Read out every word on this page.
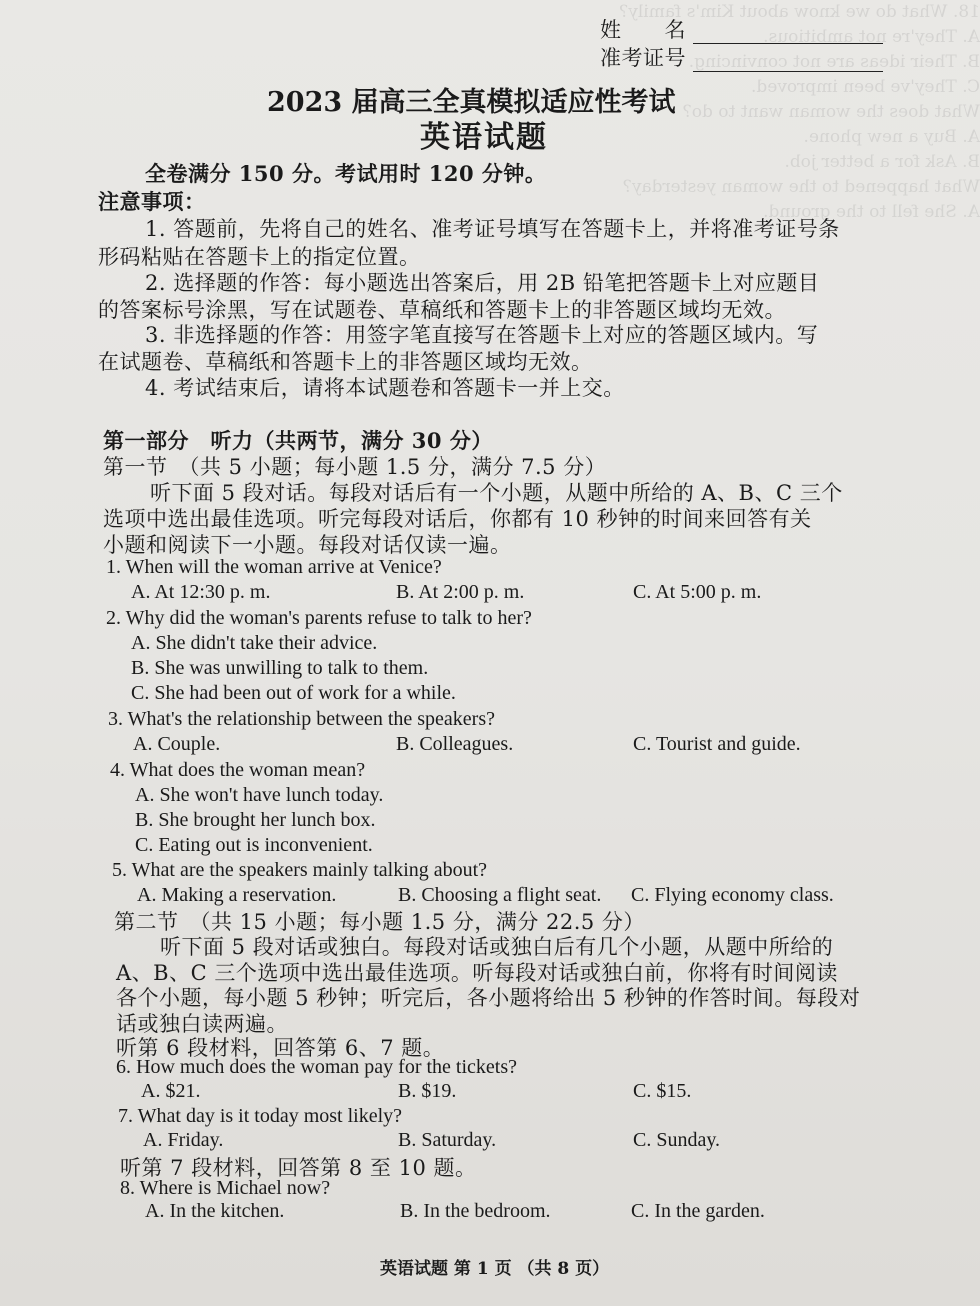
18. What do we know about Kim's family?
A. They're not ambitious.
B. Their ideas are not convincing.
C. They've been improved.
What does the woman want to do?
A. Buy a new phone.
B. Ask for a better job.
What happened to the woman yesterday?
A. She fell to the ground.
姓　　名
准考证号
2023 届高三全真模拟适应性考试
英语试题
全卷满分 150 分。考试用时 120 分钟。
注意事项：
1. 答题前，先将自己的姓名、准考证号填写在答题卡上，并将准考证号条
形码粘贴在答题卡上的指定位置。
2. 选择题的作答：每小题选出答案后，用 2B 铅笔把答题卡上对应题目
的答案标号涂黑，写在试题卷、草稿纸和答题卡上的非答题区域均无效。
3. 非选择题的作答：用签字笔直接写在答题卡上对应的答题区域内。写
在试题卷、草稿纸和答题卡上的非答题区域均无效。
4. 考试结束后，请将本试题卷和答题卡一并上交。
第一部分　听力（共两节，满分 30 分）
第一节　（共 5 小题；每小题 1.5 分，满分 7.5 分）
听下面 5 段对话。每段对话后有一个小题，从题中所给的 A、B、C 三个
选项中选出最佳选项。听完每段对话后，你都有 10 秒钟的时间来回答有关
小题和阅读下一小题。每段对话仅读一遍。
1. When will the woman arrive at Venice?
A. At 12:30 p. m.	B. At 2:00 p. m.	C. At 5:00 p. m.
2. Why did the woman's parents refuse to talk to her?
A. She didn't take their advice.
B. She was unwilling to talk to them.
C. She had been out of work for a while.
3. What's the relationship between the speakers?
A. Couple.	B. Colleagues.	C. Tourist and guide.
4. What does the woman mean?
A. She won't have lunch today.
B. She brought her lunch box.
C. Eating out is inconvenient.
5. What are the speakers mainly talking about?
A. Making a reservation.	B. Choosing a flight seat. C. Flying economy class.
第二节　（共 15 小题；每小题 1.5 分，满分 22.5 分）
听下面 5 段对话或独白。每段对话或独白后有几个小题，从题中所给的
A、B、C 三个选项中选出最佳选项。听每段对话或独白前，你将有时间阅读
各个小题，每小题 5 秒钟；听完后，各小题将给出 5 秒钟的作答时间。每段对
话或独白读两遍。
听第 6 段材料，回答第 6、7 题。
6. How much does the woman pay for the tickets?
A. $21.	B. $19.	C. $15.
7. What day is it today most likely?
A. Friday.	B. Saturday.	C. Sunday.
听第 7 段材料，回答第 8 至 10 题。
8. Where is Michael now?
A. In the kitchen.	B. In the bedroom.	C. In the garden.
英语试题 第 1 页 （共 8 页）
